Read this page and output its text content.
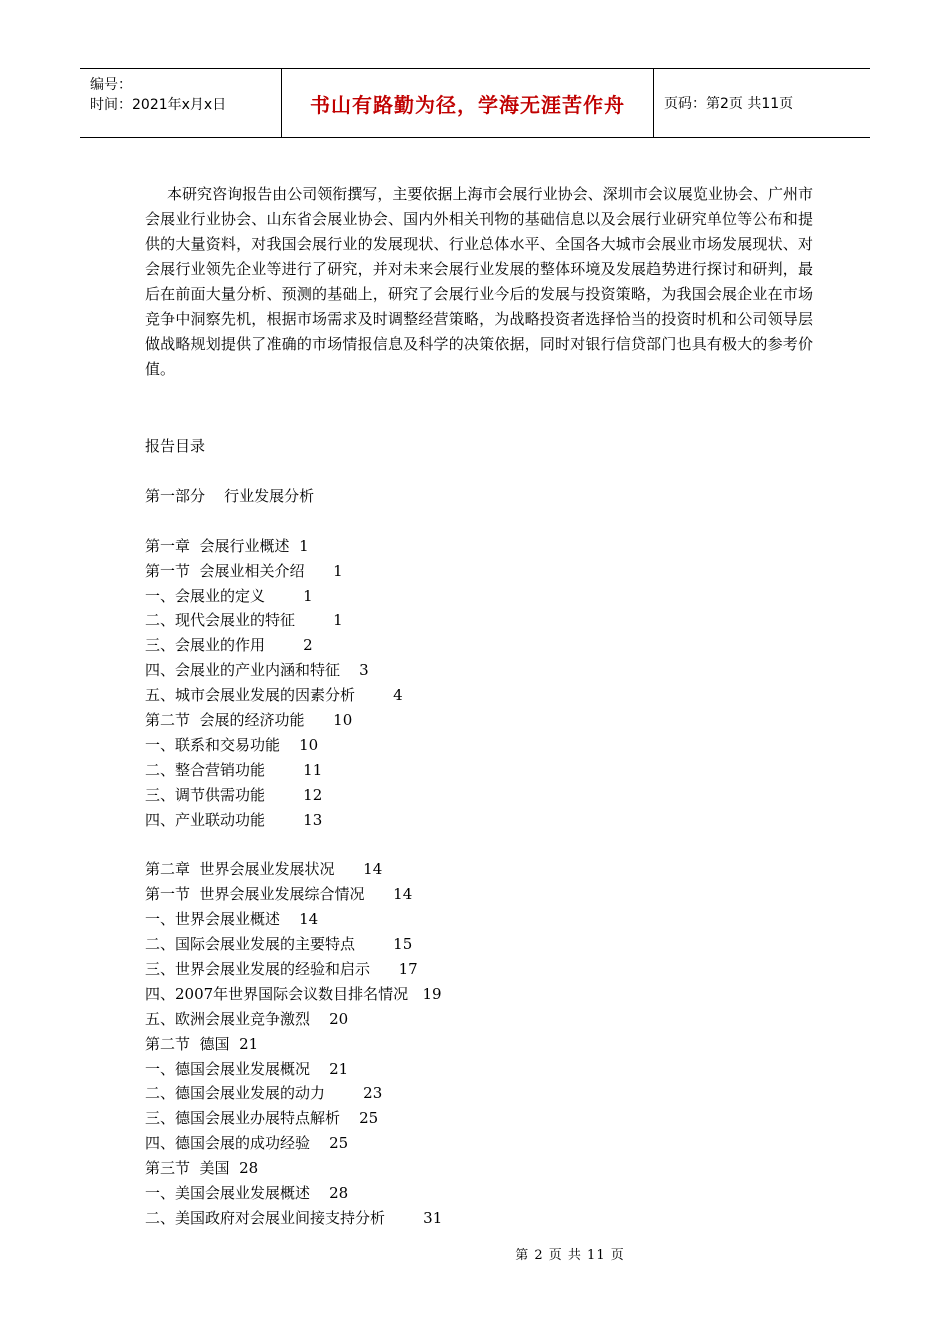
编号：
时间：2021年x月x日	书山有路勤为径，学海无涯苦作舟	页码：第2页 共11页

本研究咨询报告由公司领衔撰写，主要依据上海市会展行业协会、深圳市会议展览业协会、广州市会展业行业协会、山东省会展业协会、国内外相关刊物的基础信息以及会展行业研究单位等公布和提供的大量资料，对我国会展行业的发展现状、行业总体水平、全国各大城市会展业市场发展现状、对会展行业领先企业等进行了研究，并对未来会展行业发展的整体环境及发展趋势进行探讨和研判，最后在前面大量分析、预测的基础上，研究了会展行业今后的发展与投资策略，为我国会展企业在市场竞争中洞察先机，根据市场需求及时调整经营策略，为战略投资者选择恰当的投资时机和公司领导层做战略规划提供了准确的市场情报信息及科学的决策依据，同时对银行信贷部门也具有极大的参考价值。

报告目录
第一部分    行业发展分析
第一章  会展行业概述  1
第一节  会展业相关介绍      1
一、会展业的定义        1
二、现代会展业的特征        1
三、会展业的作用        2
四、会展业的产业内涵和特征    3
五、城市会展业发展的因素分析        4
第二节  会展的经济功能      10
一、联系和交易功能    10
二、整合营销功能        11
三、调节供需功能        12
四、产业联动功能        13
第二章  世界会展业发展状况      14
第一节  世界会展业发展综合情况      14
一、世界会展业概述    14
二、国际会展业发展的主要特点        15
三、世界会展业发展的经验和启示      17
四、2007年世界国际会议数目排名情况   19
五、欧洲会展业竞争激烈    20
第二节  德国  21
一、德国会展业发展概况    21
二、德国会展业发展的动力        23
三、德国会展业办展特点解析    25
四、德国会展的成功经验    25
第三节  美国  28
一、美国会展业发展概述    28
二、美国政府对会展业间接支持分析        31
第 2 页 共 11 页
